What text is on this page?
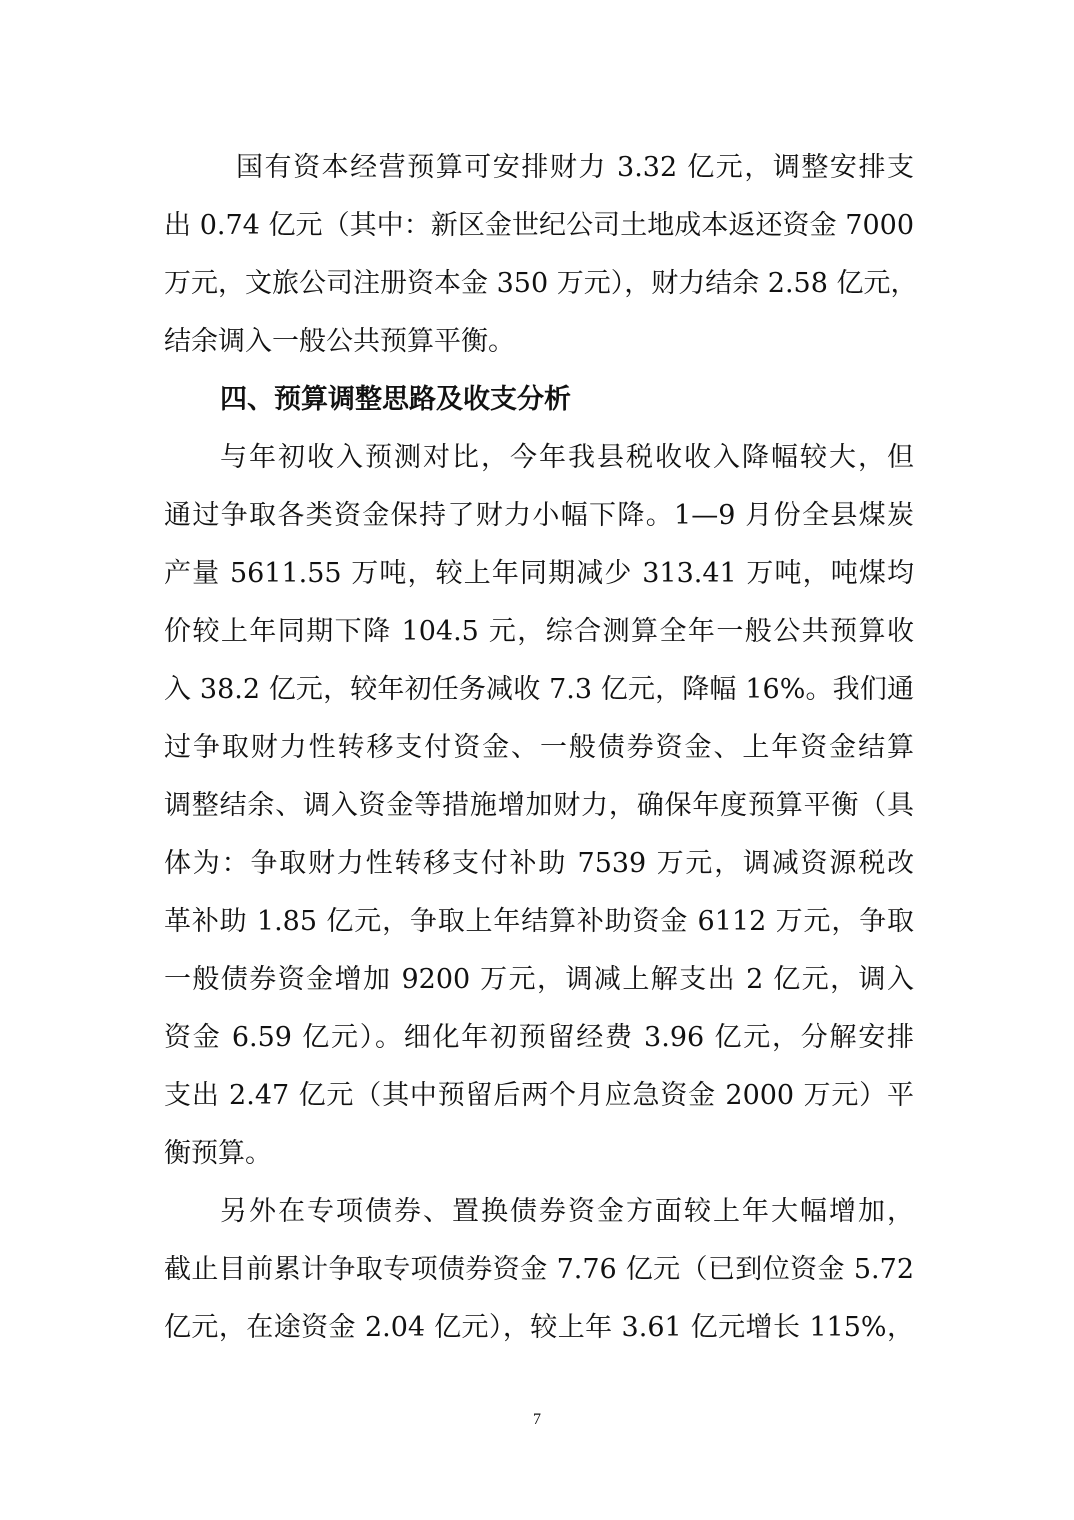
国有资本经营预算可安排财力 3.32 亿元，调整安排支
出 0.74 亿元（其中：新区金世纪公司土地成本返还资金 7000
万元，文旅公司注册资本金 350 万元），财力结余 2.58 亿元，
结余调入一般公共预算平衡。
四、预算调整思路及收支分析
与年初收入预测对比，今年我县税收收入降幅较大，但
通过争取各类资金保持了财力小幅下降。1—9 月份全县煤炭
产量 5611.55 万吨，较上年同期减少 313.41 万吨，吨煤均
价较上年同期下降 104.5 元，综合测算全年一般公共预算收
入 38.2 亿元，较年初任务减收 7.3 亿元，降幅 16%。我们通
过争取财力性转移支付资金、一般债券资金、上年资金结算
调整结余、调入资金等措施增加财力，确保年度预算平衡（具
体为：争取财力性转移支付补助 7539 万元，调减资源税改
革补助 1.85 亿元，争取上年结算补助资金 6112 万元，争取
一般债券资金增加 9200 万元，调减上解支出 2 亿元，调入
资金 6.59 亿元）。细化年初预留经费 3.96 亿元，分解安排
支出 2.47 亿元（其中预留后两个月应急资金 2000 万元）平
衡预算。
另外在专项债券、置换债券资金方面较上年大幅增加，
截止目前累计争取专项债券资金 7.76 亿元（已到位资金 5.72
亿元，在途资金 2.04 亿元），较上年 3.61 亿元增长 115%，
7
